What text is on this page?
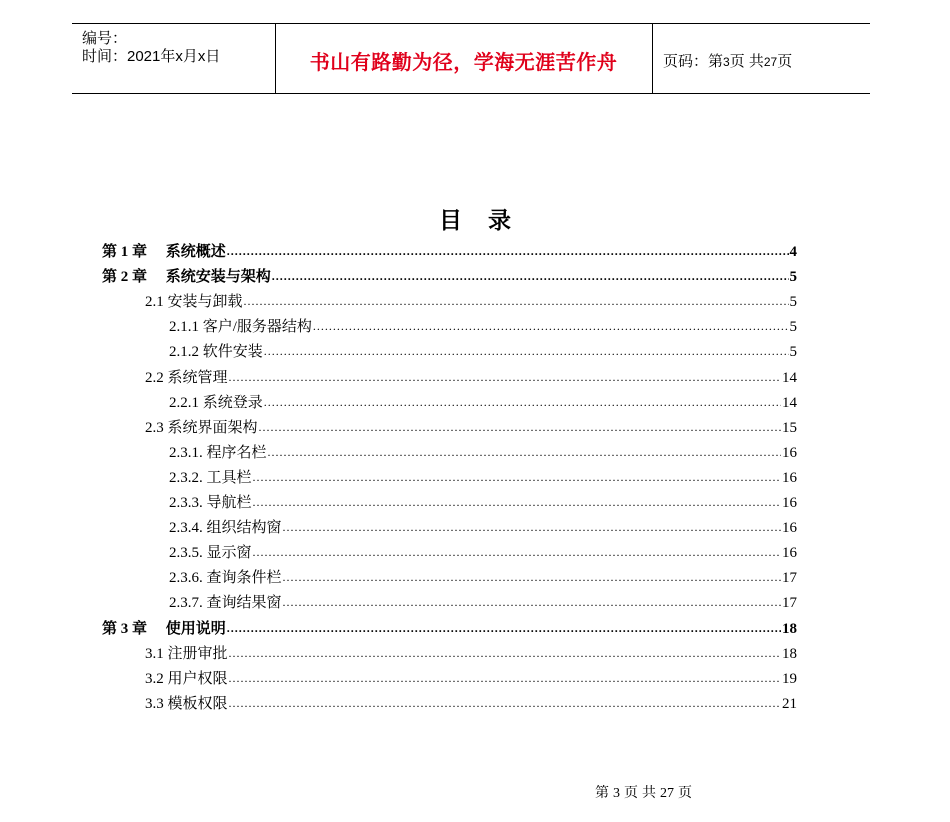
编号：
时间：2021年x月x日	书山有路勤为径，学海无涯苦作舟	页码：第3页 共27页
目 录
第 1 章　 系统概述 .....	4
第 2 章　 系统安装与架构 .....	5
2.1 安装与卸载 .....	5
2.1.1 客户/服务器结构 .....	5
2.1.2 软件安装 .....	5
2.2 系统管理 .....	14
2.2.1 系统登录 .....	14
2.3 系统界面架构 .....	15
2.3.1. 程序名栏 .....	16
2.3.2. 工具栏 .....	16
2.3.3. 导航栏 .....	16
2.3.4. 组织结构窗 .....	16
2.3.5. 显示窗 .....	16
2.3.6. 查询条件栏 .....	17
2.3.7. 查询结果窗 .....	17
第 3 章　 使用说明 .....	18
3.1 注册审批 .....	18
3.2 用户权限 .....	19
3.3 模板权限 .....	21
第 3 页 共 27 页
